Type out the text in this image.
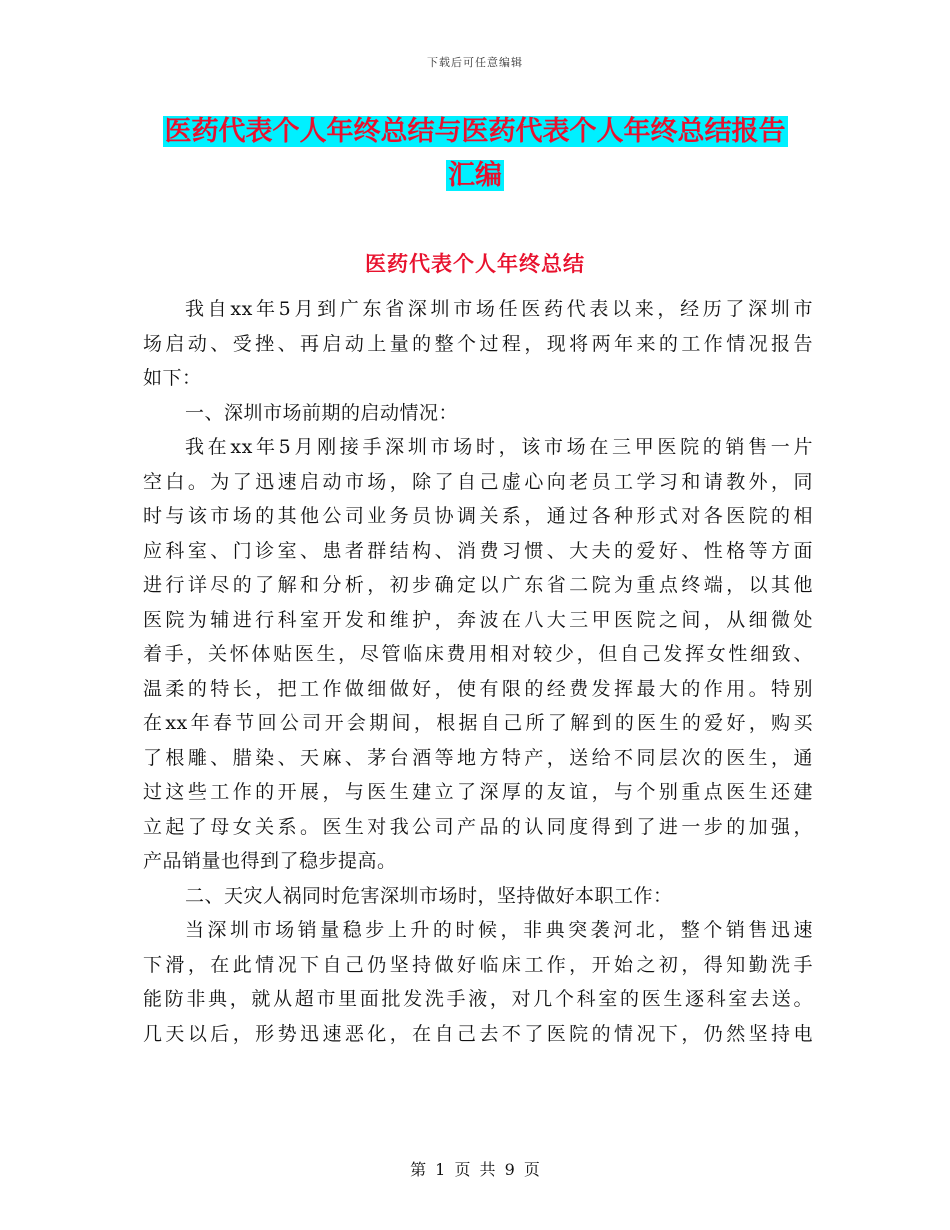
下载后可任意编辑
医药代表个人年终总结与医药代表个人年终总结报告
汇编
医药代表个人年终总结
我自xx年5月到广东省深圳市场任医药代表以来，经历了深圳市
场启动、受挫、再启动上量的整个过程，现将两年来的工作情况报告
如下：
一、深圳市场前期的启动情况：
我在xx年5月刚接手深圳市场时，该市场在三甲医院的销售一片
空白。为了迅速启动市场，除了自己虚心向老员工学习和请教外，同
时与该市场的其他公司业务员协调关系，通过各种形式对各医院的相
应科室、门诊室、患者群结构、消费习惯、大夫的爱好、性格等方面
进行详尽的了解和分析，初步确定以广东省二院为重点终端，以其他
医院为辅进行科室开发和维护，奔波在八大三甲医院之间，从细微处
着手，关怀体贴医生，尽管临床费用相对较少，但自己发挥女性细致、
温柔的特长，把工作做细做好，使有限的经费发挥最大的作用。特别
在xx年春节回公司开会期间，根据自己所了解到的医生的爱好，购买
了根雕、腊染、天麻、茅台酒等地方特产，送给不同层次的医生，通
过这些工作的开展，与医生建立了深厚的友谊，与个别重点医生还建
立起了母女关系。医生对我公司产品的认同度得到了进一步的加强，
产品销量也得到了稳步提高。
二、天灾人祸同时危害深圳市场时，坚持做好本职工作：
当深圳市场销量稳步上升的时候，非典突袭河北，整个销售迅速
下滑，在此情况下自己仍坚持做好临床工作，开始之初，得知勤洗手
能防非典，就从超市里面批发洗手液，对几个科室的医生逐科室去送。
几天以后，形势迅速恶化，在自己去不了医院的情况下，仍然坚持电
第 1 页 共 9 页
